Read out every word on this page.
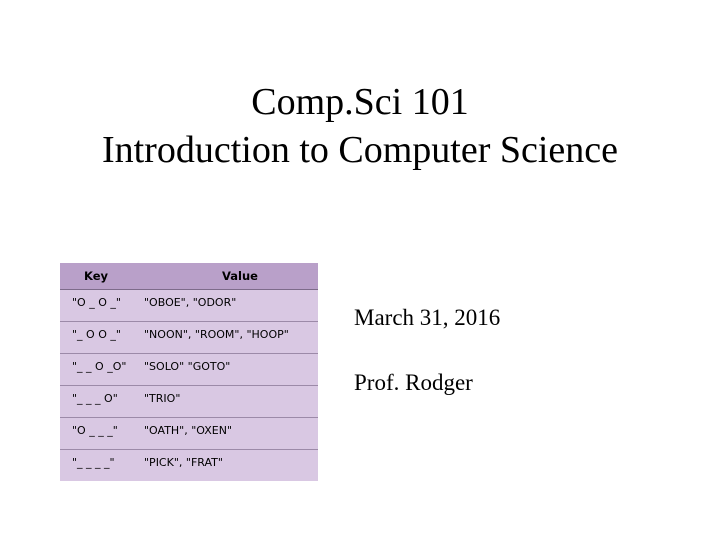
Comp.Sci 101
Introduction to Computer Science
Key	Value
"O _ O _"	"OBOE", "ODOR"
"_ O O _"	"NOON", "ROOM", "HOOP"
"_ _ O _O"	"SOLO" "GOTO"
"_ _ _ O"	"TRIO"
"O _ _ _"	"OATH", "OXEN"
"_ _ _ _"	"PICK", "FRAT"
March 31, 2016
Prof. Rodger
